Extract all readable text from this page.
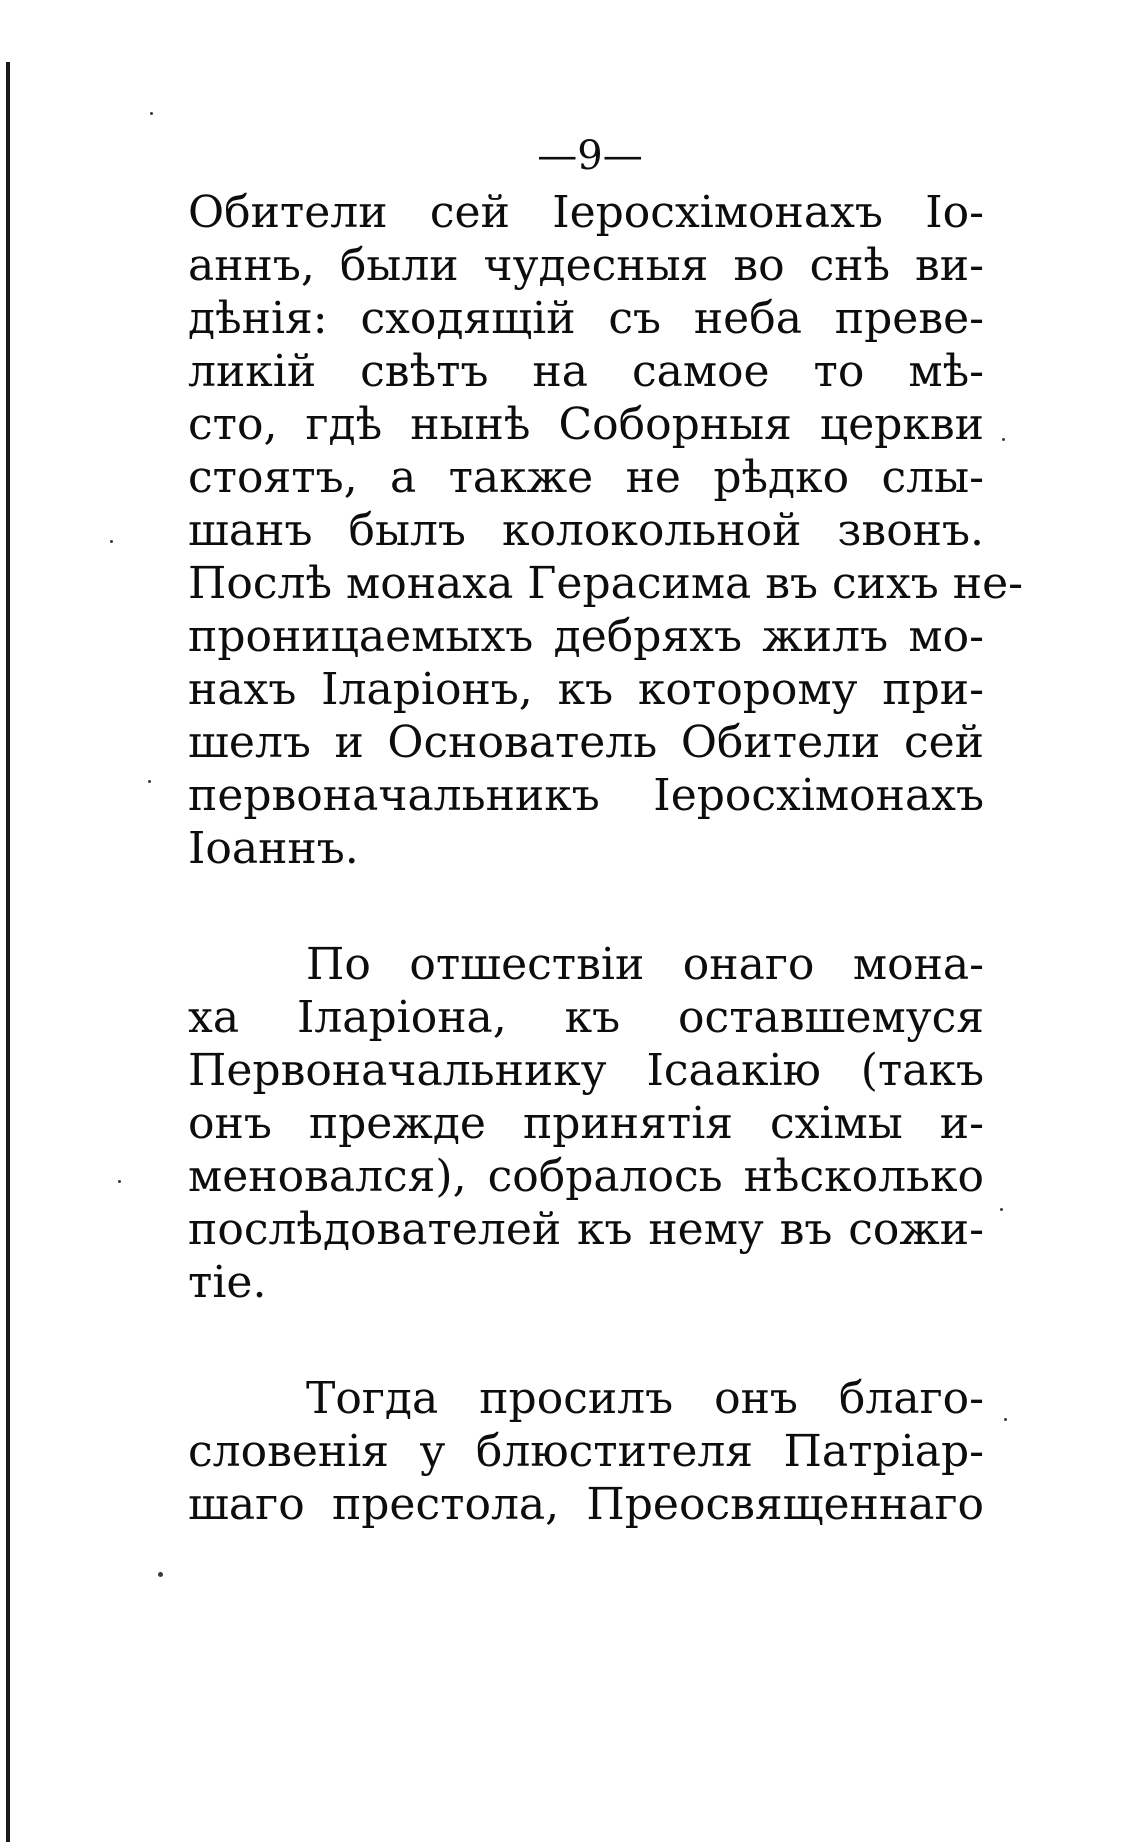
—9—
Обители сей Іеросхімонахъ Іо-
аннъ, были чудесныя во снѣ ви-
дѣнія: сходящій съ неба преве-
ликій свѣтъ на самое то мѣ-
сто, гдѣ нынѣ Соборныя церкви
стоятъ, а также не рѣдко слы-
шанъ былъ колокольной звонъ.
Послѣ монаха Герасима въ сихъ не-
проницаемыхъ дебряхъ жилъ мо-
нахъ Іларіонъ, къ которому при-
шелъ и Основатель Обители сей
первоначальникъ Іеросхімонахъ
Іоаннъ.
По отшествіи онаго мона-
ха Іларіона, къ оставшемуся
Первоначальнику Ісаакію (такъ
онъ прежде принятія схімы и-
меновался), собралось нѣсколько
послѣдователей къ нему въ сожи-
тіе.
Тогда просилъ онъ благо-
словенія у блюстителя Патріар-
шаго престола, Преосвященнаго
